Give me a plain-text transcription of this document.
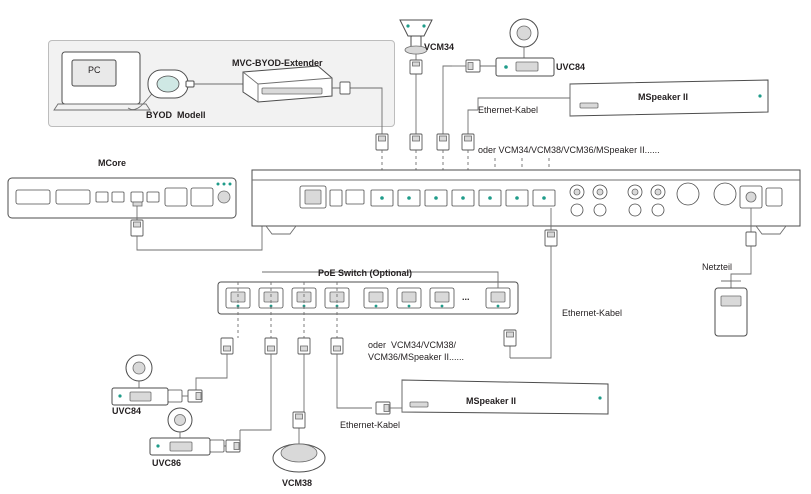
BYOD  Modell
PC
MVC-BYOD-Extender
VCM34
UVC84
MSpeaker II
Ethernet-Kabel
oder VCM34/VCM38/VCM36/MSpeaker II......
MCore
PoE Switch (Optional)
...
oder  VCM34/VCM38/
VCM36/MSpeaker II......
Ethernet-Kabel
Ethernet-Kabel
Netzteil
UVC84
UVC86
VCM38
MSpeaker II
